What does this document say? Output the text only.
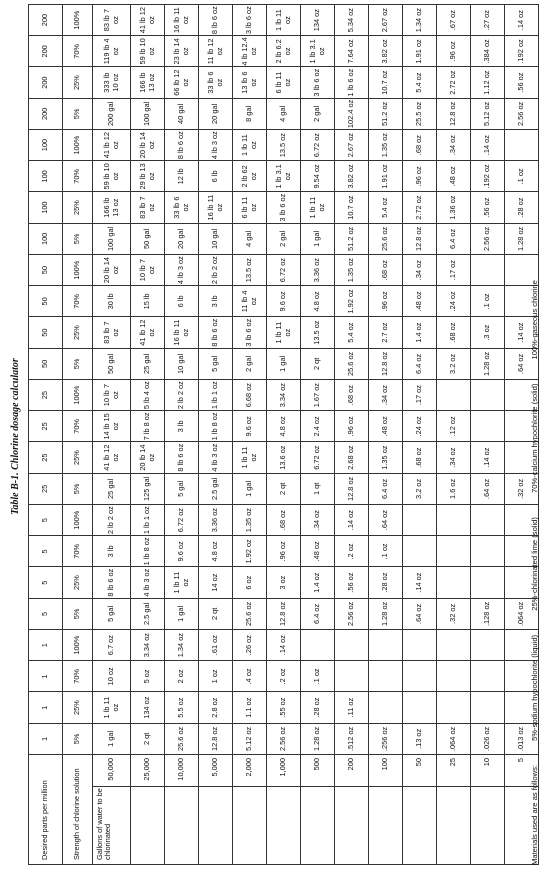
Table B-1. Chlorine dosage calculator
Desired parts per million		1	1	1	1	5	5	5	5	25	25	25	25	50	50	50	50	100	100	100	100	200	200	200	200
Strength of chlorine solution		5%	25%	70%	100%	5%	25%	70%	100%	5%	25%	70%	100%	5%	25%	70%	100%	5%	25%	70%	100%	5%	25%	70%	100%
Gallons of water to be chlorinated	50,000	1 gal	1 lb 11 oz	10 oz	6.7 oz	5 gal	8 lb 6 oz	3 lb	2 lb 2 oz	25 gal	41 lb 12 oz	14 lb 15 oz	10 lb 7 oz	50 gal	83 lb 7 oz	30 lb	20 lb 14 oz	100 gal	166 lb 13 oz	59 lb 10 oz	41 lb 12 oz	200 gal	333 lb 10 oz	119 lb 4 oz	83 lb 7 oz
	25,000	2 qt	134 oz	5 oz	3.34 oz	2.5 gal	4 lb 3 oz	1 lb 8 oz	1 lb 1 oz	125 gal	20 lb 14 oz	7 lb 8 oz	5 lb 4 oz	25 gal	41 lb 12 oz	15 lb	10 lb 7 oz	50 gal	83 lb 7 oz	29 lb 13 oz	20 lb 14 oz	100 gal	166 lb 13 oz	59 lb 10 oz	41 lb 12 oz
	10,000	25.6 oz	5.5 oz	2 oz	1.34 oz	1 gal	1 lb 11 oz	9.6 oz	6.72 oz	5 gal	8 lb 6 oz	3 lb	2 lb 2 oz	10 gal	16 lb 11 oz	6 lb	4 lb 3 oz	20 gal	33 lb 6 oz	12 lb	8 lb 6 oz	40 gal	66 lb 12 oz	23 lb 14 oz	16 lb 11 oz
	5,000	12.8 oz	2.8 oz	1 oz	.61 oz	2 qt	14 oz	4.8 oz	3.36 oz	2.5 gal	4 lb 3 oz	1 lb 8 oz	1 lb 1 oz	5 gal	8 lb 6 oz	3 lb	2 lb 2 oz	10 gal	16 lb 11 oz	6 lb	4 lb 3 oz	20 gal	33 lb 6 oz	11 lb 12 oz	8 lb 6 oz
	2,000	5.12 oz	1.1 oz	.4 oz	.26 oz	25.6 oz	6 oz	1.92 oz	1.35 oz	1 gal	1 lb 11 oz	9.6 oz	6.68 oz	2 gal	3 lb 6 oz	11 lb 4 oz	13.5 oz	4 gal	6 lb 11 oz	2 lb 62 oz	1 lb 11 oz	8 gal	13 lb 6 oz	4 lb 12.4 oz	3 lb 6 oz
	1,000	2.56 oz	.55 oz	.2 oz	.14 oz	12.8 oz	3 oz	.96 oz	.68 oz	2 qt	13.6 oz	4.8 oz	3.34 oz	1 gal	1 lb 11 oz	9.6 oz	6.72 oz	2 gal	3 lb 6 oz	1 lb 3.1 oz	13.5 oz	4 gal	6 lb 11 oz	2 lb 6.2 oz	1 lb 11 oz
	500	1.28 oz	.28 oz	.1 oz		6.4 oz	1.4 oz	.48 oz	.34 oz	1 qt	6.72 oz	2.4 oz	1.67 oz	2 qt	13.5 oz	4.8 oz	3.36 oz	1 gal	1 lb 11 oz	9.54 oz	6.72 oz	2 gal	3 lb 6 oz	1 lb 3.1 oz	134 oz
	200	.512 oz	.11 oz			2.56 oz	.56 oz	.2 oz	.14 oz	12.8 oz	2.68 oz	.96 oz	.68 oz	25.6 oz	5.4 oz	1.92 oz	1.35 oz	51.2 oz	10.7 oz	3.82 oz	2.67 oz	102.4 oz	1 lb 6 oz	7.64 oz	5.34 oz
	100	.256 oz				1.28 oz	.28 oz	.1 oz	.64 oz	6.4 oz	1.35 oz	.48 oz	.34 oz	12.8 oz	2.7 oz	.96 oz	.68 oz	25.6 oz	5.4 oz	1.91 oz	1.35 oz	51.2 oz	10.7 oz	3.82 oz	2.67 oz
	50	.13 oz				.64 oz	.14 oz			3.2 oz	.68 oz	.24 oz	.17 oz	6.4 oz	1.4 oz	.48 oz	.34 oz	12.8 oz	2.72 oz	.96 oz	.68 oz	25.5 oz	5.4 oz	1.91 oz	1.34 oz
	25	.064 oz				.32 oz				1.6 oz	.34 oz	.12 oz		3.2 oz	.68 oz	.24 oz	.17 oz	6.4 oz	1.36 oz	.48 oz	.34 oz	12.8 oz	2.72 oz	.96 oz	.67 oz
	10	.026 oz				.128 oz				.64 oz	.14 oz			1.28 oz	.3 oz	.1 oz		2.56 oz	.56 oz	.192 oz	.14 oz	5.12 oz	1.12 oz	.384 oz	.27 oz
	5	.013 oz				.064 oz				.32 oz				.64 oz	.14 oz			1.28 oz	.28 oz	.1 oz		2.56 oz	.56 oz	.192 oz	.14 oz
Materials used are as follows: 5%-sodium hypochlorite (liquid) 25%-chlorinated lime (solid) 70%-calcium hypochlorite (solid) 100%-gaseous chlorine
